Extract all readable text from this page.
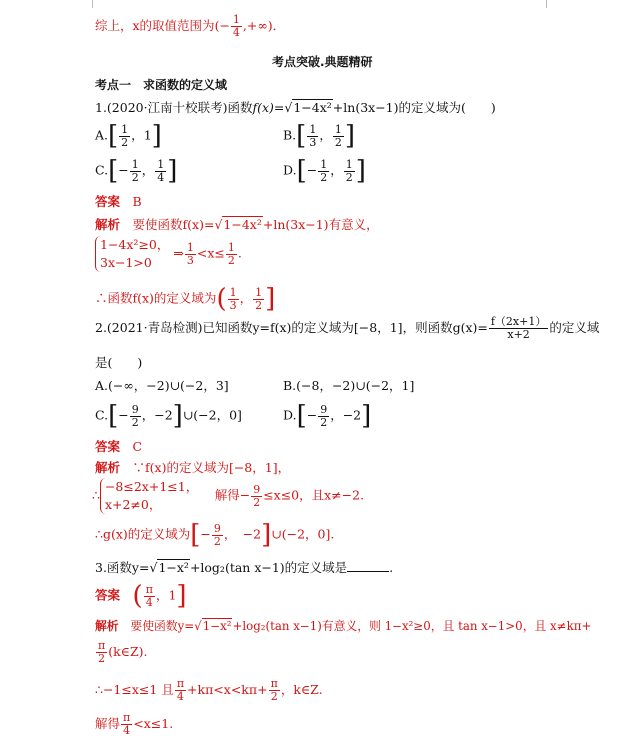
综上，x的取值范围为(− $\frac{1}{4}$ ,+∞)．
考点突破.典题精研
考点一　求函数的定义域
1.(2020·江南十校联考)函数f(x)=√1−4x²+ln(3x−1)的定义域为(　　)
$A.[ \frac{1}{2}$ ，1]	$B.[ \frac{1}{3}$ ， $\frac{1}{2}$ ]
$C.[- \frac{1}{2}$ ， $\frac{1}{4}$ ]	$D.[- \frac{1}{2}$ ， $\frac{1}{2}$ ]
答案　 B
解析　 要使函数f(x)=√1−4x²+ln(3x−1)有意义，
1−4x²≥0，
3x−1>0
⇒ $\frac{1}{3} <x\le \frac{1}{2}$ .
∴函数f(x)的定义域为( $\frac{1}{3}$ ， $\frac{1}{2}$ ]
2.(2021·青岛检测)已知函数y=f(x)的定义域为[−8，1]，则函数$g(x)= \frac{f(2x+1)}{x+2}$ 的定义域
是(　　)
A.(−∞，−2)∪(−2，3]	B.(−8，−2)∪(−2，1]
$C.[- \frac{9}{2}$ ，−2]∪(−2，0]	$D.[- \frac{9}{2}$ ，−2]
答案　 C
解析　 ∵f(x)的定义域为[−8，1]，
∴
−8≤2x+1≤1，
x+2≠0，
　解得− $\frac{9}{2} \le x\le 0$，且x≠−2.
∴g(x)的定义域为[− $\frac{9}{2}$ ，　−2]∪(−2，0].
3.函数y=√1−x²+log₂(tan x−1)的定义域是	.
答案　 ( $\frac{\pi}{4}$ ，1]
解析　 要使函数y=√1−x²+log₂(tan x−1)有意义，则 1−x²≥0，且 tan x−1>0，且 x≠kπ+
$\frac{\pi}{2}$ (k∈Z).
∴−1≤x≤1 且 $\frac{\pi}{4} +k\pi<x<k\pi+ \frac{\pi}{2}$ ，k∈Z.
解得 $\frac{\pi}{4} <x\le 1$.
